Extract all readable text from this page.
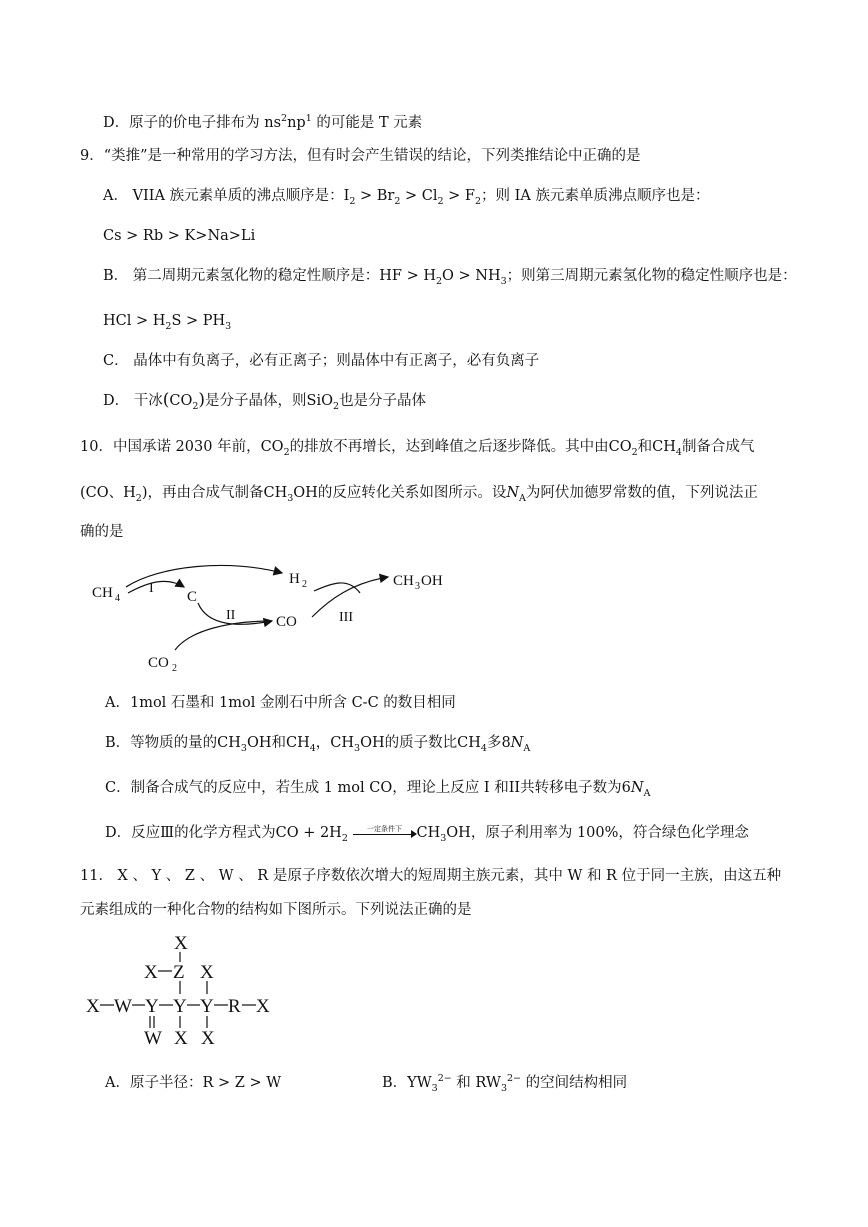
D．原子的价电子排布为 $ns^2np^1$ 的可能是 T 元素
9．“类推”是一种常用的学习方法，但有时会产生错误的结论，下列类推结论中正确的是
A． VIIA 族元素单质的沸点顺序是：$I_2 > Br_2 > Cl_2 > F_2$；则 IA 族元素单质沸点顺序也是：
Cs > Rb > K>Na>Li
B． 第二周期元素氢化物的稳定性顺序是：HF > $H_2O > NH_3$；则第三周期元素氢化物的稳定性顺序也是：
HCl > $H_2S > PH_3$
C． 晶体中有负离子，必有正离子；则晶体中有正离子，必有负离子
D． 干冰$(CO_2)$是分子晶体，则SiO$_2$也是分子晶体
10．中国承诺 2030 年前，$CO_2$的排放不再增长，达到峰值之后逐步降低。其中由$CO_2$和$CH_4$制备合成气
(CO、$H_2$)，再由合成气制备$CH_3OH$的反应转化关系如图所示。设$N_A$为阿伏加德罗常数的值，下列说法正
确的是
CH 4
I
C
H 2
II	CO	III
CH 3 OH
CO 2
A．1mol 石墨和 1mol 金刚石中所含 C-C 的数目相同
B．等物质的量的$CH_3OH$和$CH_4$，$CH_3OH$的质子数比$CH_4$多$8N_A$
C．制备合成气的反应中，若生成 1 mol CO，理论上反应 I 和II共转移电子数为$6N_A$
D．反应Ⅲ的化学方程式为CO + $2H_2$
一定条件下	$CH_3OH$，原子利用率为 100%，符合绿色化学理念
11． X 、 Y 、 Z 、 W 、 R 是原子序数依次增大的短周期主族元素，其中 W 和 R 位于同一主族，由这五种
元素组成的一种化合物的结构如下图所示。下列说法正确的是
X
X Z X
X W Y Y Y R X
W X X
A．原子半径：R > Z > W	B．$YW_3^{2-}$ 和 $RW_3^{2-}$ 的空间结构相同
